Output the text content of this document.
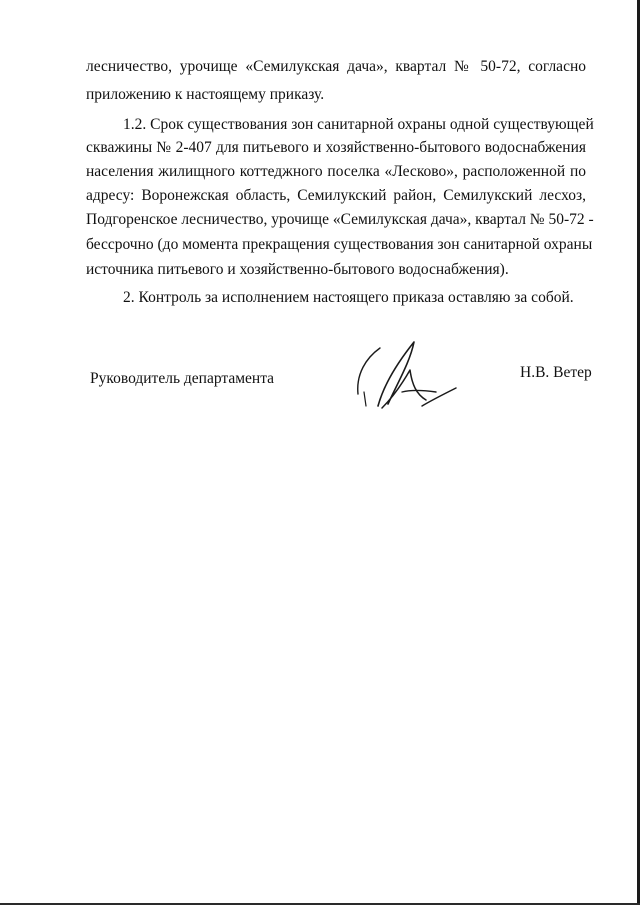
лесничество, урочище «Семилукская дача», квартал № 50-72, согласно
приложению к настоящему приказу.
1.2. Срок существования зон санитарной охраны одной существующей
скважины № 2-407 для питьевого и хозяйственно-бытового водоснабжения
населения жилищного коттеджного поселка «Лесково», расположенной по
адресу: Воронежская область, Семилукский район, Семилукский лесхоз,
Подгоренское лесничество, урочище «Семилукская дача», квартал № 50-72 -
бессрочно (до момента прекращения существования зон санитарной охраны
источника питьевого и хозяйственно-бытового водоснабжения).
2. Контроль за исполнением настоящего приказа оставляю за собой.
Руководитель департамента	Н.В. Ветер
